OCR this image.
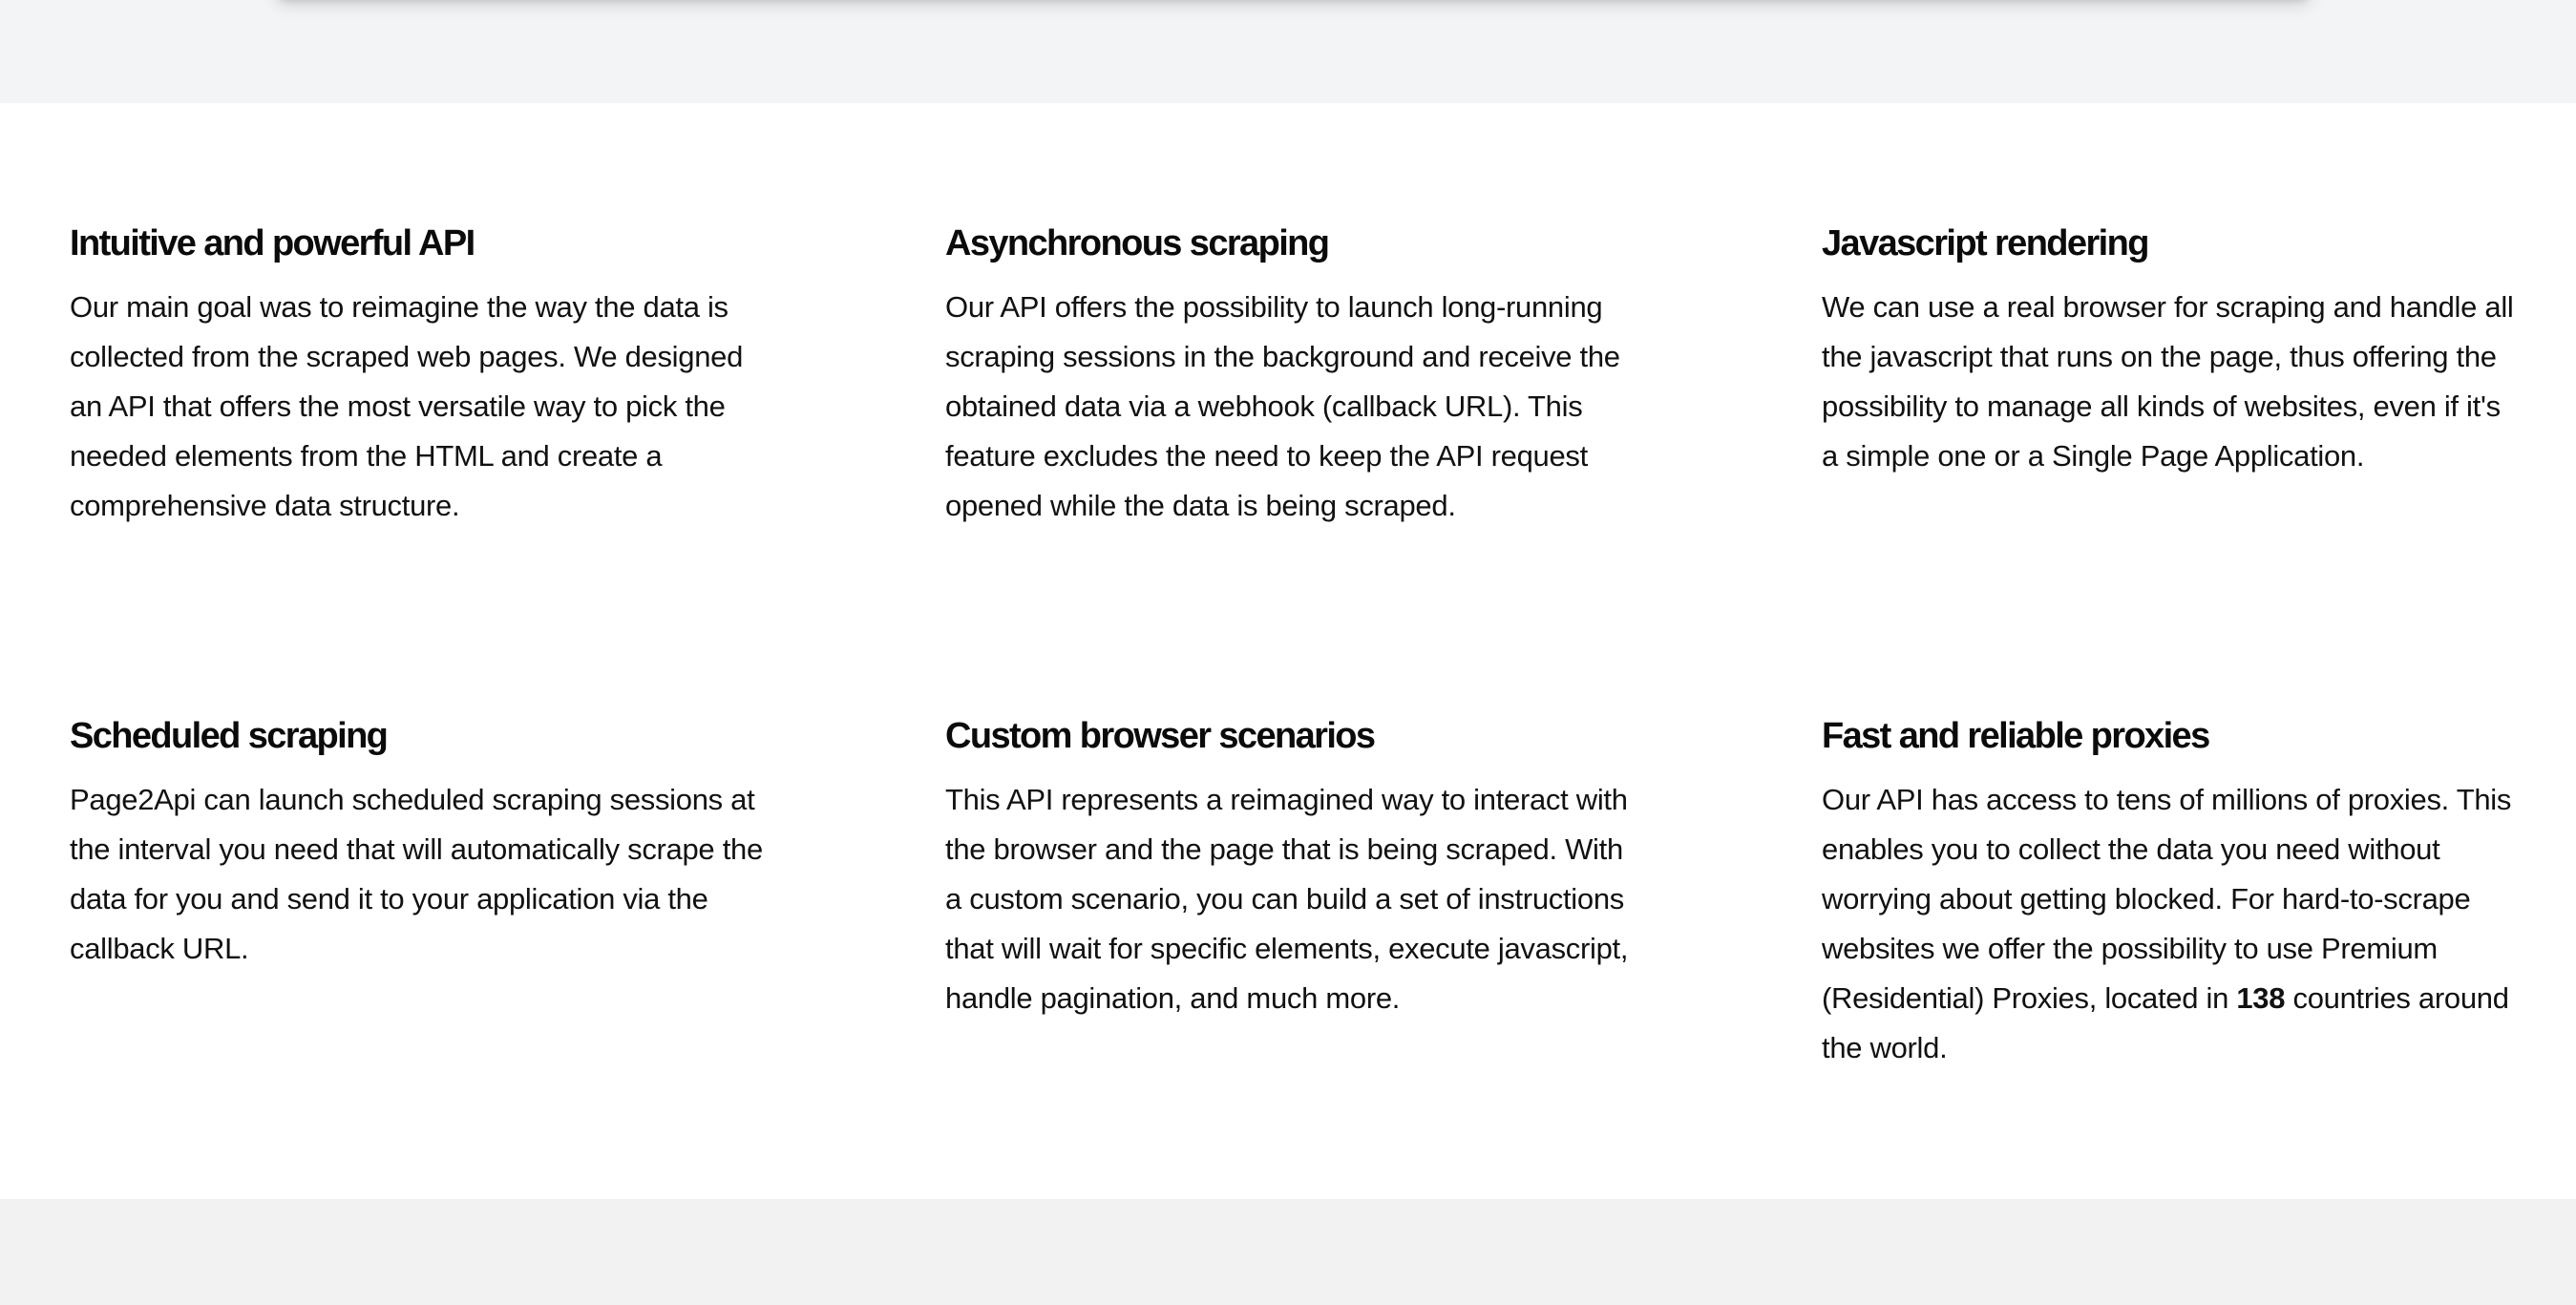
Intuitive and powerful API

Our main goal was to reimagine the way the data is collected from the scraped web pages. We designed an API that offers the most versatile way to pick the needed elements from the HTML and create a comprehensive data structure.

Asynchronous scraping

Our API offers the possibility to launch long-running scraping sessions in the background and receive the obtained data via a webhook (callback URL). This feature excludes the need to keep the API request opened while the data is being scraped.

Javascript rendering

We can use a real browser for scraping and handle all the javascript that runs on the page, thus offering the possibility to manage all kinds of websites, even if it's a simple one or a Single Page Application.

Scheduled scraping

Page2Api can launch scheduled scraping sessions at the interval you need that will automatically scrape the data for you and send it to your application via the callback URL.

Custom browser scenarios

This API represents a reimagined way to interact with the browser and the page that is being scraped. With a custom scenario, you can build a set of instructions that will wait for specific elements, execute javascript, handle pagination, and much more.

Fast and reliable proxies

Our API has access to tens of millions of proxies. This enables you to collect the data you need without worrying about getting blocked. For hard-to-scrape websites we offer the possibility to use Premium (Residential) Proxies, located in 138 countries around the world.
